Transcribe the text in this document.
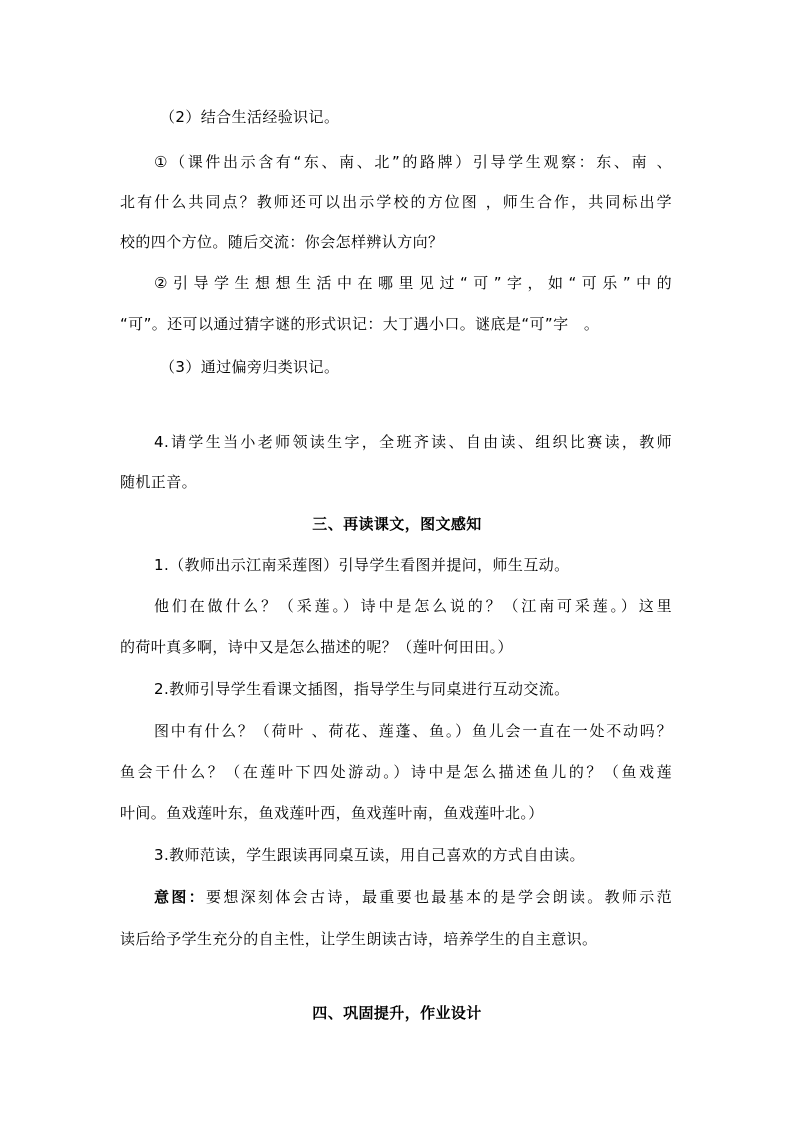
（2）结合生活经验识记。
①（课件出示含有“东、南、北”的路牌）引导学生观察：东、南 、
北有什么共同点？教师还可以出示学校的方位图 ，师生合作，共同标出学
校的四个方位。随后交流：你会怎样辨认方向？
②引导学生想想生活中在哪里见过“可”字，如“可乐”中的
“可”。还可以通过猜字谜的形式识记：大丁遇小口。谜底是“可”字　。
（3）通过偏旁归类识记。
4.请学生当小老师领读生字，全班齐读、自由读、组织比赛读，教师
随机正音。
三、再读课文，图文感知
1.（教师出示江南采莲图）引导学生看图并提问，师生互动。
他们在做什么？（采莲。）诗中是怎么说的？（江南可采莲。）这里
的荷叶真多啊，诗中又是怎么描述的呢？（莲叶何田田。）
2.教师引导学生看课文插图，指导学生与同桌进行互动交流。
图中有什么？（荷叶 、荷花、莲蓬、鱼。）鱼儿会一直在一处不动吗？
鱼会干什么？（在莲叶下四处游动。）诗中是怎么描述鱼儿的？（鱼戏莲
叶间。鱼戏莲叶东，鱼戏莲叶西，鱼戏莲叶南，鱼戏莲叶北。）
3.教师范读，学生跟读再同桌互读，用自己喜欢的方式自由读。
意图：要想深刻体会古诗，最重要也最基本的是学会朗读。教师示范
读后给予学生充分的自主性，让学生朗读古诗，培养学生的自主意识。
四、巩固提升，作业设计
